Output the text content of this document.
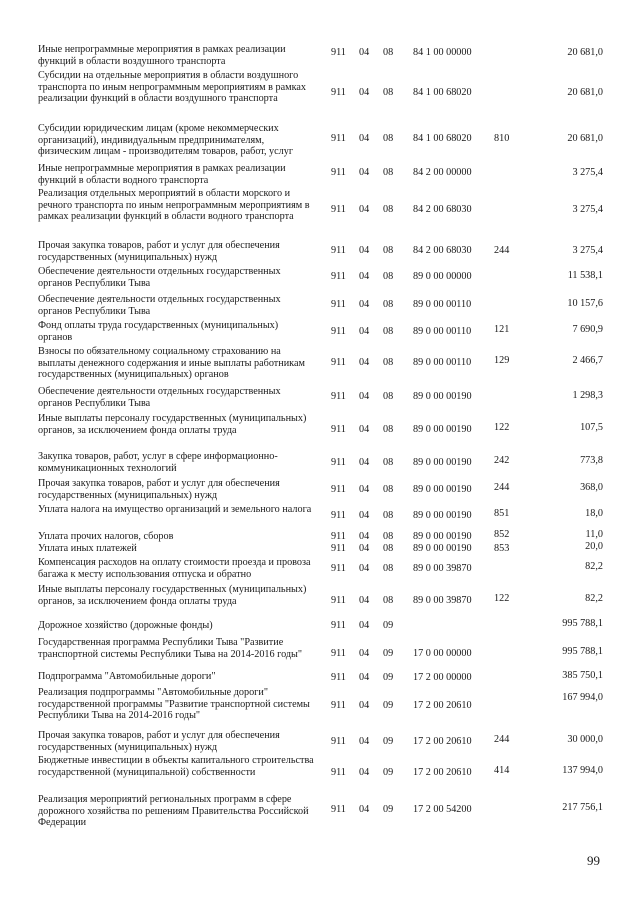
Иные непрограммные мероприятия в рамках реализации функций в области воздушного транспорта
911 04 08 84 1 00 00000	20 681,0
Субсидии на отдельные мероприятия в области воздушного транспорта по иным непрограммным мероприятиям в рамках реализации функций в области воздушного транспорта
911 04 08 84 1 00 68020	20 681,0
Субсидии юридическим лицам (кроме некоммерческих организаций), индивидуальным предпринимателям, физическим лицам - производителям товаров, работ, услуг
911 04 08 84 1 00 68020 810	20 681,0
Иные непрограммные мероприятия в рамках реализации функций в области водного транспорта
911 04 08 84 2 00 00000	3 275,4
Реализация отдельных мероприятий в области морского и речного транспорта по иным непрограммным мероприятиям в рамках реализации функций в области водного транспорта
911 04 08 84 2 00 68030	3 275,4
Прочая закупка товаров, работ и услуг для обеспечения государственных (муниципальных) нужд
911 04 08 84 2 00 68030 244	3 275,4
Обеспечение деятельности отдельных государственных органов Республики Тыва
911 04 08 89 0 00 00000	11 538,1
Обеспечение деятельности отдельных государственных органов Республики Тыва
911 04 08 89 0 00 00110	10 157,6
Фонд оплаты труда государственных (муниципальных) органов	911 04 08 89 0 00 00110 121	7 690,9
Взносы по обязательному социальному страхованию на выплаты денежного содержания и иные выплаты работникам государственных (муниципальных) органов
911 04 08 89 0 00 00110 129	2 466,7
Обеспечение деятельности отдельных государственных органов Республики Тыва
911 04 08 89 0 00 00190	1 298,3
Иные выплаты персоналу государственных (муниципальных) органов, за исключением фонда оплаты труда	911 04 08 89 0 00 00190 122	107,5
Закупка товаров, работ, услуг в сфере информационно-коммуникационных технологий	911 04 08 89 0 00 00190 242	773,8
Прочая закупка товаров, работ и услуг для обеспечения государственных (муниципальных) нужд	911 04 08 89 0 00 00190 244	368,0
Уплата налога на имущество организаций и земельного налога
911 04 08 89 0 00 00190 851	18,0
Уплата прочих налогов, сборов	911 04 08 89 0 00 00190 852	11,0
Уплата иных платежей	911 04 08 89 0 00 00190 853	20,0
Компенсация расходов на оплату стоимости проезда и провоза багажа к месту использования отпуска и обратно	911 04 08 89 0 00 39870	82,2
Иные выплаты персоналу государственных (муниципальных) органов, за исключением фонда оплаты труда	911 04 08 89 0 00 39870 122	82,2
Дорожное хозяйство (дорожные фонды)	911 04 09	995 788,1
Государственная программа Республики Тыва "Развитие транспортной системы Республики Тыва на 2014-2016 годы"	911 04 09 17 0 00 00000	995 788,1
Подпрограмма "Автомобильные дороги"	911 04 09 17 2 00 00000	385 750,1
Реализация подпрограммы "Автомобильные дороги" государственной программы "Развитие транспортной системы Республики Тыва на 2014-2016 годы"
911 04 09 17 2 00 20610
167 994,0
Прочая закупка товаров, работ и услуг для обеспечения государственных (муниципальных) нужд	911 04 09 17 2 00 20610 244	30 000,0
Бюджетные инвестиции в объекты капитального строительства государственной (муниципальной) собственности	911 04 09 17 2 00 20610 414	137 994,0
Реализация мероприятий региональных программ в сфере дорожного хозяйства по решениям Правительства Российской Федерации
911 04 09 17 2 00 54200	217 756,1
99
